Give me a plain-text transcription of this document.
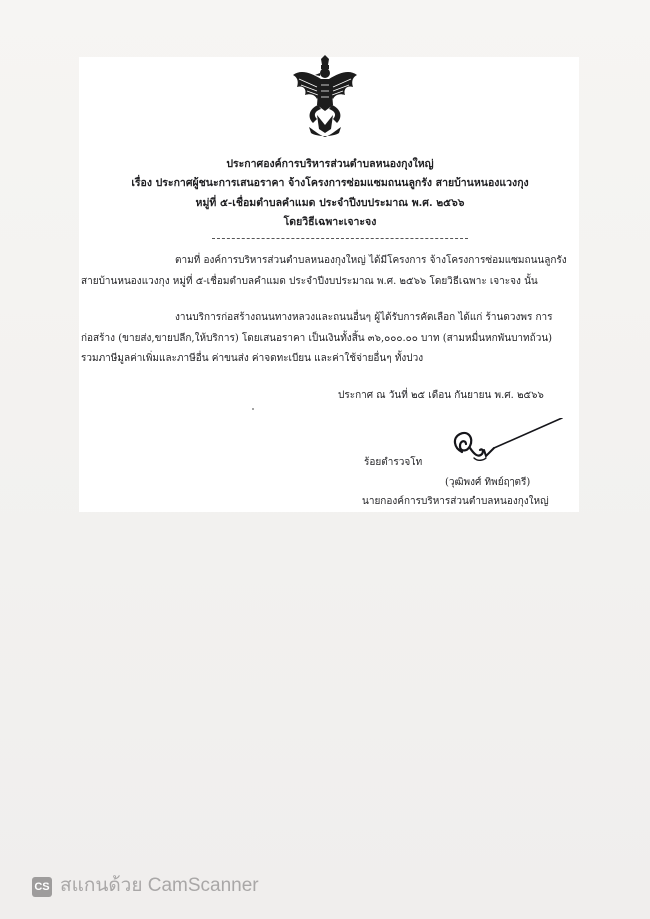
ประกาศองค์การบริหารส่วนตำบลหนองกุงใหญ่
เรื่อง ประกาศผู้ชนะการเสนอราคา จ้างโครงการซ่อมแซมถนนลูกรัง สายบ้านหนองแวงกุง
หมู่ที่ ๕-เชื่อมตำบลคำแมด ประจำปีงบประมาณ พ.ศ. ๒๕๖๖
โดยวิธีเฉพาะเจาะจง
ตามที่ องค์การบริหารส่วนตำบลหนองกุงใหญ่ ได้มีโครงการ จ้างโครงการซ่อมแซมถนนลูกรัง
สายบ้านหนองแวงกุง หมู่ที่ ๕-เชื่อมตำบลคำแมด ประจำปีงบประมาณ พ.ศ. ๒๕๖๖ โดยวิธีเฉพาะ เจาะจง นั้น
งานบริการก่อสร้างถนนทางหลวงและถนนอื่นๆ ผู้ได้รับการคัดเลือก ได้แก่ ร้านดวงพร การ
ก่อสร้าง (ขายส่ง,ขายปลีก,ให้บริการ) โดยเสนอราคา เป็นเงินทั้งสิ้น ๓๖,๐๐๐.๐๐ บาท (สามหมื่นหกพันบาทถ้วน)
รวมภาษีมูลค่าเพิ่มและภาษีอื่น ค่าขนส่ง ค่าจดทะเบียน และค่าใช้จ่ายอื่นๆ ทั้งปวง
ประกาศ ณ วันที่ ๒๕ เดือน กันยายน พ.ศ. ๒๕๖๖
ร้อยตำรวจโท
(วุฒิพงศ์ ทิพย์ฤๅตรี)
นายกองค์การบริหารส่วนตำบลหนองกุงใหญ่
CS สแกนด้วย CamScanner
